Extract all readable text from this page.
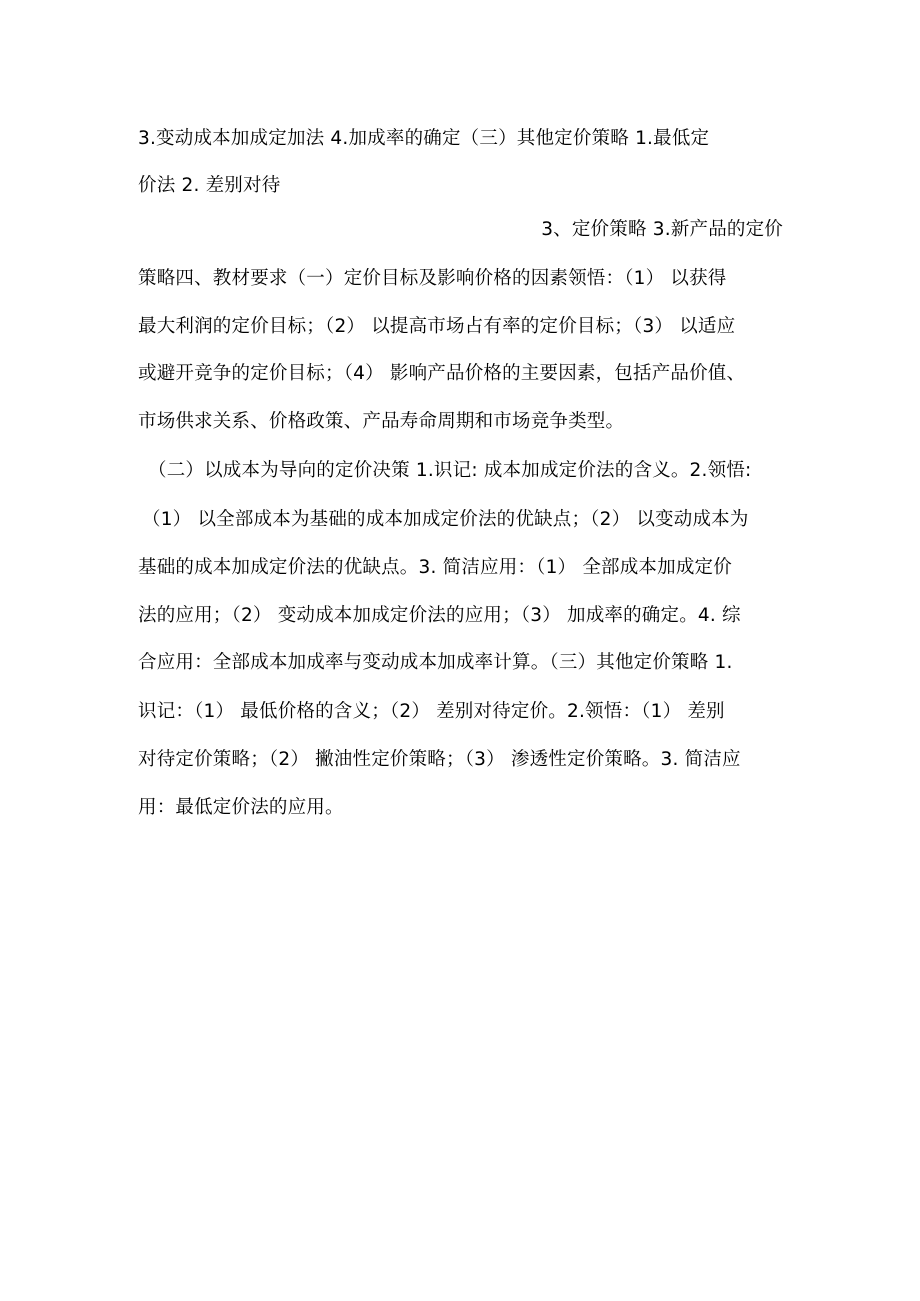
3.变动成本加成定加法 4.加成率的确定（三）其他定价策略 1.最低定
价法 2. 差别对待
3、定价策略 3.新产品的定价
策略四、教材要求（一）定价目标及影响价格的因素领悟：（1） 以获得
最大利润的定价目标；（2） 以提高市场占有率的定价目标；（3） 以适应
或避开竞争的定价目标；（4） 影响产品价格的主要因素，包括产品价值、
市场供求关系、价格政策、产品寿命周期和市场竞争类型。
（二）以成本为导向的定价决策 1.识记: 成本加成定价法的含义。2.领悟:
（1） 以全部成本为基础的成本加成定价法的优缺点；（2） 以变动成本为
基础的成本加成定价法的优缺点。3. 简洁应用：（1） 全部成本加成定价
法的应用；（2） 变动成本加成定价法的应用；（3） 加成率的确定。4. 综
合应用：全部成本加成率与变动成本加成率计算。（三）其他定价策略 1.
识记：（1） 最低价格的含义；（2） 差别对待定价。2.领悟：（1） 差别
对待定价策略；（2） 撇油性定价策略；（3） 渗透性定价策略。3. 简洁应
用：最低定价法的应用。
